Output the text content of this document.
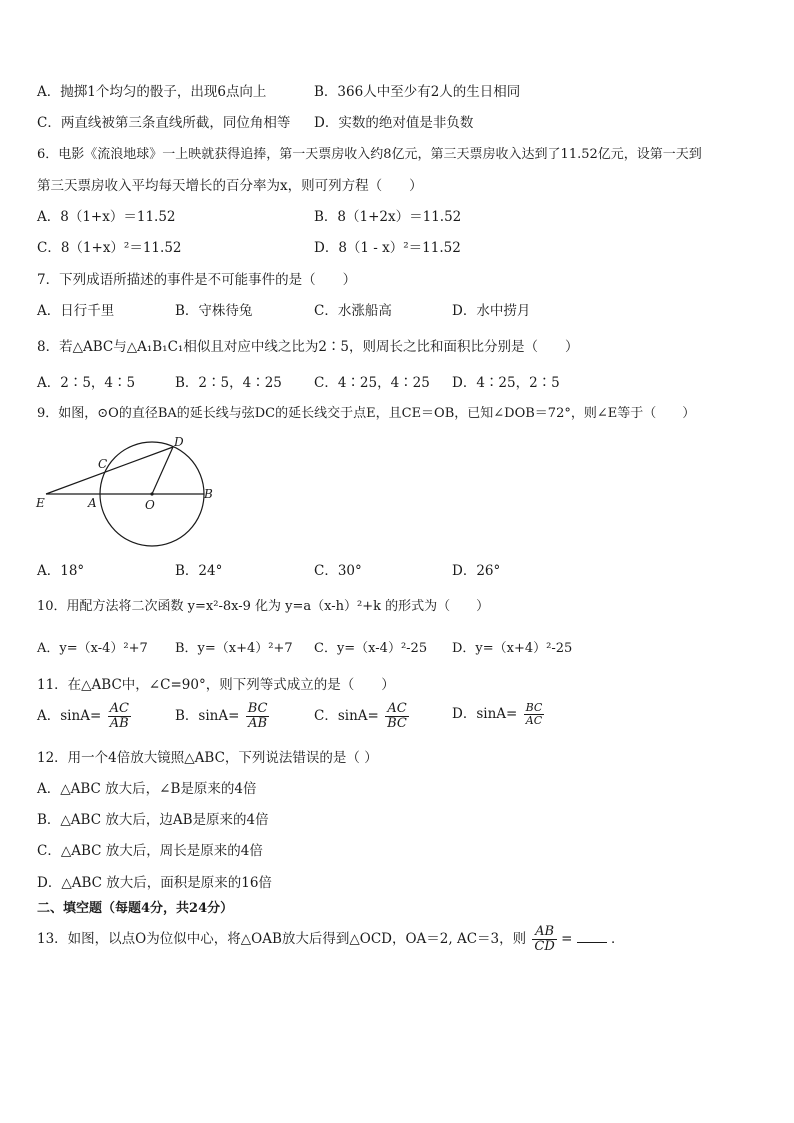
A．抛掷1个均匀的骰子，出现6点向上	B．366人中至少有2人的生日相同
C．两直线被第三条直线所截，同位角相等 D．实数的绝对值是非负数
6．电影《流浪地球》一上映就获得追捧，第一天票房收入约8亿元，第三天票房收入达到了11.52亿元，设第一天到
第三天票房收入平均每天增长的百分率为x，则可列方程（　　）
A．8（1+x）＝11.52	B．8（1+2x）＝11.52
C．8（1+x）²＝11.52	D．8（1 - x）²＝11.52
7．下列成语所描述的事件是不可能事件的是（　　）
A．日行千里	B．守株待兔	C．水涨船高	D．水中捞月
8．若△ABC与△A₁B₁C₁相似且对应中线之比为2∶5，则周长之比和面积比分别是（　　）
A．2∶5，4∶5	B．2∶5，4∶25 C．4∶25，4∶25 D．4∶25，2∶5
9．如图，⊙O的直径BA的延长线与弦DC的延长线交于点E，且CE＝OB，已知∠DOB＝72°，则∠E等于（　　）
D
C
E	A	O
B
A．18°	B．24°	C．30°	D．26°
10．用配方法将二次函数 y=x²-8x-9 化为 y=a（x-h）²+k 的形式为（　　）
A．y=（x-4）²+7 B．y=（x+4）²+7 C．y=（x-4）²-25 D．y=（x+4）²-25
11．在△ABC中，∠C=90°，则下列等式成立的是（　　）
A．$\sin A= \frac{AC}{AB}$	B．$\sin A= \frac{BC}{AB}$	C．$\sin A= \frac{AC}{BC}$	D．$\sin A= \frac{BC}{AC}$
12．用一个4倍放大镜照△ABC，下列说法错误的是（ ）
A．△ABC 放大后，∠B是原来的4倍
B．△ABC 放大后，边AB是原来的4倍
C．△ABC 放大后，周长是原来的4倍
D．△ABC 放大后，面积是原来的16倍
二、填空题（每题4分，共24分）
13．如图，以点O为位似中心，将△OAB放大后得到△OCD，OA＝2, AC＝3，则 $\frac{AB}{CD}$ =	．
